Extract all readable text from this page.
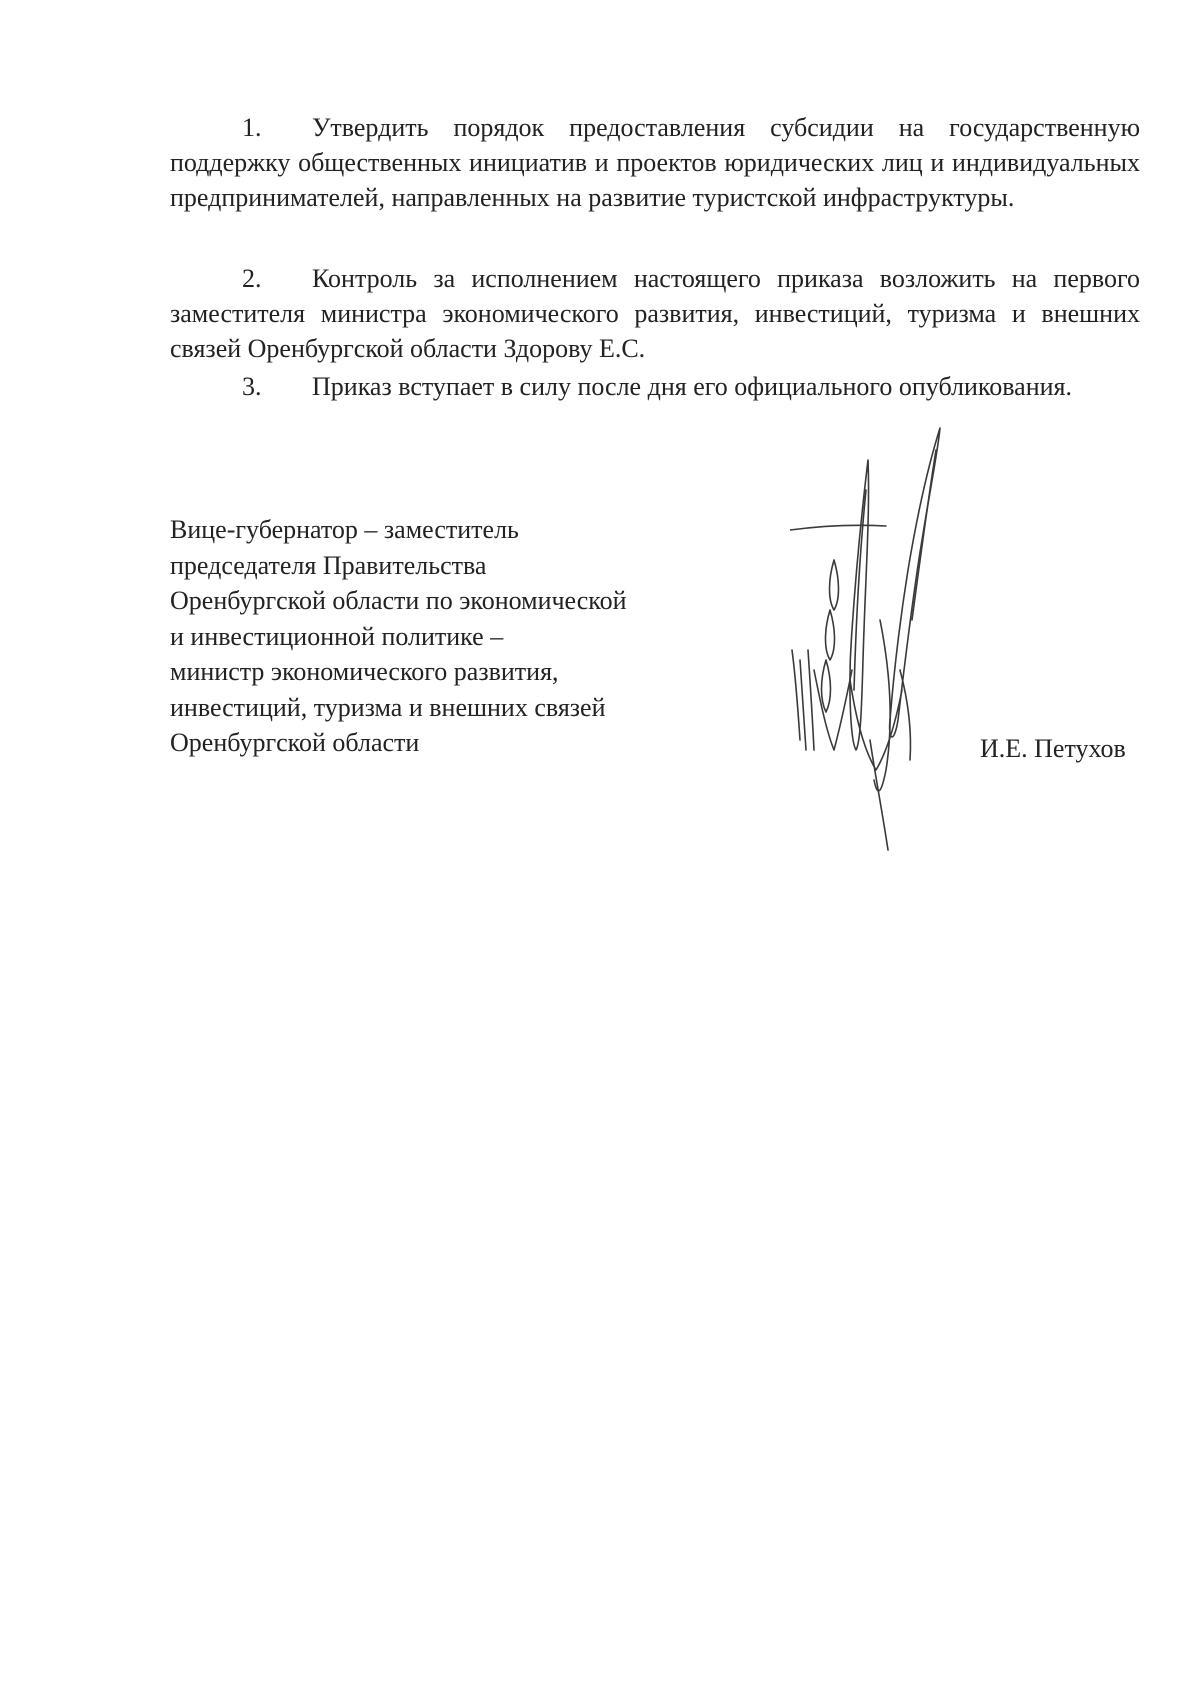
1. Утвердить порядок предоставления субсидии на государственную поддержку общественных инициатив и проектов юридических лиц и индивидуальных предпринимателей, направленных на развитие туристской инфраструктуры.

2. Контроль за исполнением настоящего приказа возложить на первого заместителя министра экономического развития, инвестиций, туризма и внешних связей Оренбургской области Здорову Е.С.

3. Приказ вступает в силу после дня его официального опубликования.

Вице-губернатор – заместитель
председателя Правительства
Оренбургской области по экономической
и инвестиционной политике –
министр экономического развития,
инвестиций, туризма и внешних связей
Оренбургской области	И.Е. Петухов
